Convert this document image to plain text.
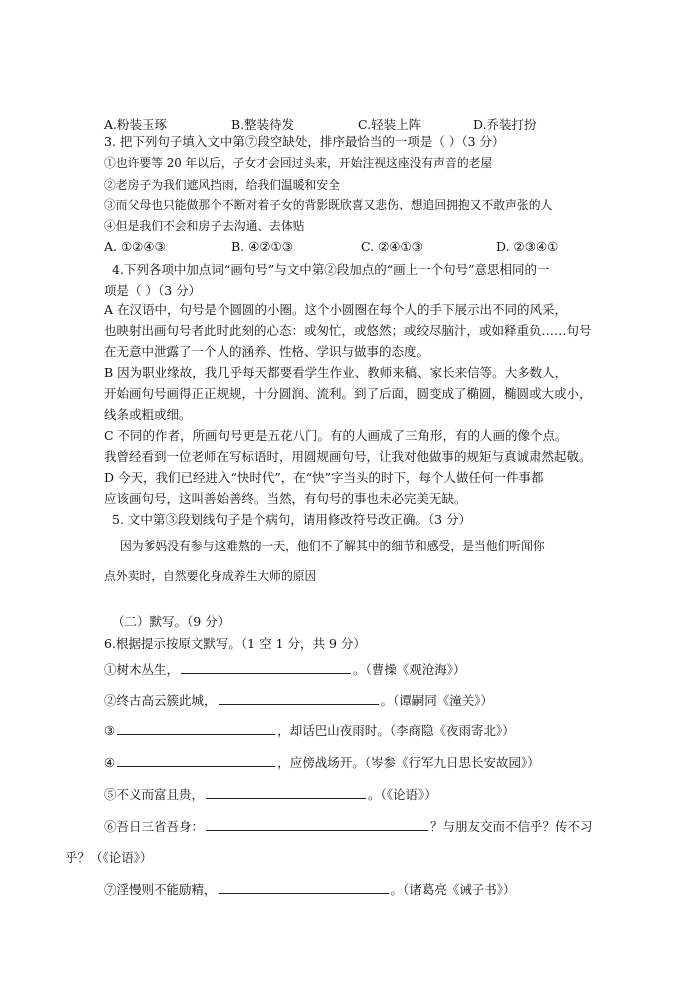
A.粉装玉琢	B.整装待发	C.轻装上阵	D.乔装打扮
3. 把下列句子填入文中第⑦段空缺处，排序最恰当的一项是（ ）（3 分）
①也许要等 20 年以后，子女才会回过头来，开始注视这座没有声音的老屋
②老房子为我们遮风挡雨，给我们温暖和安全
③而父母也只能做那个不断对着子女的背影既欣喜又悲伤、想追回拥抱又不敢声张的人
④但是我们不会和房子去沟通、去体贴
A. ①②④③	B. ④②①③	C. ②④①③	D. ②③④①
4.下列各项中加点词“画句号”与文中第②段加点的“画上一个句号”意思相同的一
项是（ ）（3 分）
A 在汉语中，句号是个圆圆的小圈。这个小圆圈在每个人的手下展示出不同的风采，
也映射出画句号者此时此刻的心态：或匆忙，或悠然；或绞尽脑汁，或如释重负……句号
在无意中泄露了一个人的涵养、性格、学识与做事的态度。
B 因为职业缘故，我几乎每天都要看学生作业、教师来稿、家长来信等。大多数人，
开始画句号画得正正规规，十分圆润、流利。到了后面，圆变成了椭圆，椭圆或大或小，
线条或粗或细。
C 不同的作者，所画句号更是五花八门。有的人画成了三角形，有的人画的像个点。
我曾经看到一位老师在写标语时，用圆规画句号，让我对他做事的规矩与真诚肃然起敬。
D 今天，我们已经进入“快时代”，在“快”字当头的时下，每个人做任何一件事都
应该画句号，这叫善始善终。当然，有句号的事也未必完美无缺。
5. 文中第③段划线句子是个病句，请用修改符号改正确。（3 分）
因为爹妈没有参与这难熬的一天，他们不了解其中的细节和感受，是当他们听闻你
点外卖时，自然要化身成养生大师的原因
（二）默写。（9 分）
6.根据提示按原文默写。（1 空 1 分，共 9 分）
①树木丛生，	。（曹操《观沧海》）
②终古高云簇此城，	。（谭嗣同《潼关》）
③	，却话巴山夜雨时。（李商隐《夜雨寄北》）
④	，应傍战场开。（岑参《行军九日思长安故园》）
⑤不义而富且贵，	。（《论语》）
⑥吾日三省吾身：	？与朋友交而不信乎？传不习
乎？（《论语》）
⑦淫慢则不能励精，	。（诸葛亮《诫子书》）
